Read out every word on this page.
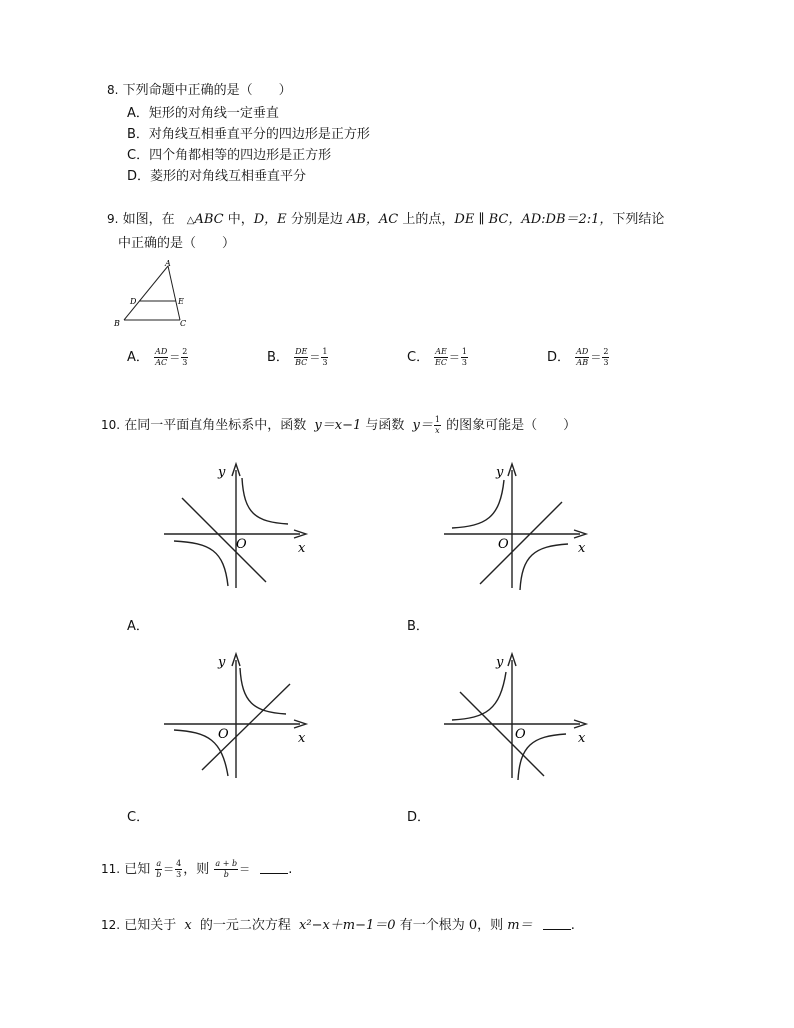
8. 下列命题中正确的是（　　）
A．矩形的对角线一定垂直
B．对角线互相垂直平分的四边形是正方形
C．四个角都相等的四边形是正方形
D．菱形的对角线互相垂直平分
9. 如图，在 △ABC 中，D，E 分别是边 AB，AC 上的点，DE ∥ BC，AD:DB＝2:1，下列结论
中正确的是（　　）
A
B	C
D	E
A． $\frac{AD}{AC} = \frac{2}{3}$	B． $\frac{DE}{BC} = \frac{1}{3}$	C． $\frac{AE}{EC} = \frac{1}{3}$	D． $\frac{AD}{AB} = \frac{2}{3}$
10. 在同一平面直角坐标系中，函数 y＝x−1 与函数 $y= \frac{1}{x}$ 的图象可能是（　　）
y
x
O
A．
y
x
O
B．
y
x
O
C．
y
x
O
D．
11. 已知 $\frac{a}{b} = \frac{4}{3}$ ，则 $\frac{a + b}{b}$ ＝	.
12. 已知关于 x 的一元二次方程 x²−x＋m−1＝0 有一个根为 0，则 m＝	.
